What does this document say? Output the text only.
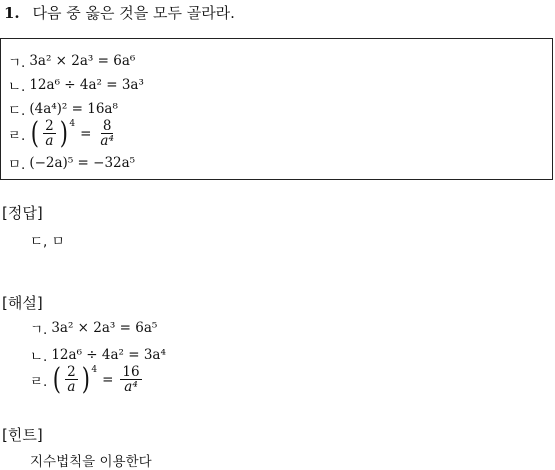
1. 다음 중 옳은 것을 모두 골라라.
ㄱ. 3a² × 2a³ = 6a⁶
ㄴ. 12a⁶ ÷ 4a² = 3a³
ㄷ. (4a⁴)² = 16a⁸
ㄹ. ( $\frac{2}{a} )^4$
= $\frac{8}{\text{a⁴}}$
ㅁ. (−2a)⁵ = −32a⁵
[정답]
ㄷ, ㅁ
[해설]
ㄱ. 3a² × 2a³ = 6a⁵
ㄴ. 12a⁶ ÷ 4a² = 3a⁴
ㄹ. ( $\frac{2}{a} )^4$
= $\frac{16}{\text{a⁴}}$
[힌트]
지수법칙을 이용한다
